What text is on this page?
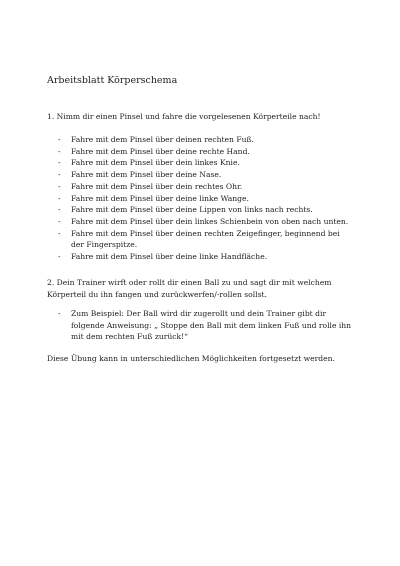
Arbeitsblatt Körperschema
1. Nimm dir einen Pinsel und fahre die vorgelesenen Körperteile nach!
- Fahre mit dem Pinsel über deinen rechten Fuß.
- Fahre mit dem Pinsel über deine rechte Hand.
- Fahre mit dem Pinsel über dein linkes Knie.
- Fahre mit dem Pinsel über deine Nase.
- Fahre mit dem Pinsel über dein rechtes Ohr.
- Fahre mit dem Pinsel über deine linke Wange.
- Fahre mit dem Pinsel über deine Lippen von links nach rechts.
- Fahre mit dem Pinsel über dein linkes Schienbein von oben nach unten.
- Fahre mit dem Pinsel über deinen rechten Zeigefinger, beginnend bei der Fingerspitze.
- Fahre mit dem Pinsel über deine linke Handfläche.
2. Dein Trainer wirft oder rollt dir einen Ball zu und sagt dir mit welchem Körperteil du ihn fangen und zurückwerfen/-rollen sollst.
- Zum Beispiel: Der Ball wird dir zugerollt und dein Trainer gibt dir folgende Anweisung: „ Stoppe den Ball mit dem linken Fuß und rolle ihn mit dem rechten Fuß zurück!“
Diese Übung kann in unterschiedlichen Möglichkeiten fortgesetzt werden.
